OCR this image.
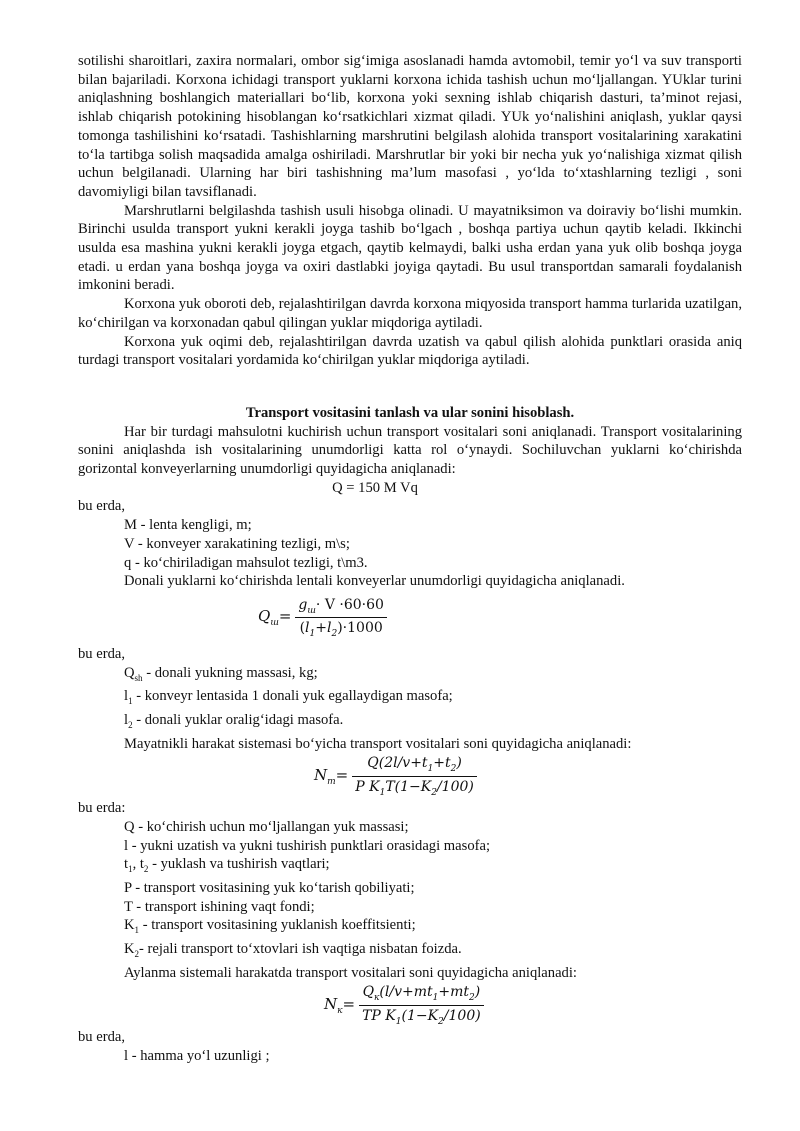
sotilishi sharoitlari, zaxira normalari, ombor sig‘imiga asoslanadi hamda avtomobil, temir yo‘l va suv transporti bilan bajariladi. Korxona ichidagi transport yuklarni korxona ichida tashish uchun mo‘ljallangan. YUklar turini aniqlashning boshlangich materiallari bo‘lib, korxona yoki sexning ishlab chiqarish dasturi, ta’minot rejasi, ishlab chiqarish potokining hisoblangan ko‘rsatkichlari xizmat qiladi. YUk yo‘nalishini aniqlash, yuklar qaysi tomonga tashilishini ko‘rsatadi. Tashishlarning marshrutini belgilash alohida transport vositalarining xarakatini to‘la tartibga solish maqsadida amalga oshiriladi. Marshrutlar bir yoki bir necha yuk yo‘nalishiga xizmat qilish uchun belgilanadi. Ularning har biri tashishning ma’lum masofasi , yo‘lda to‘xtashlarning tezligi , soni davomiyligi bilan tavsiflanadi.

Marshrutlarni belgilashda tashish usuli hisobga olinadi. U mayatniksimon va doiraviy bo‘lishi mumkin. Birinchi usulda transport yukni kerakli joyga tashib bo‘lgach , boshqa partiya uchun qaytib keladi. Ikkinchi usulda esa mashina yukni kerakli joyga etgach, qaytib kelmaydi, balki usha erdan yana yuk olib boshqa joyga etadi. u erdan yana boshqa joyga va oxiri dastlabki joyiga qaytadi. Bu usul transportdan samarali foydalanish imkonini beradi.

Korxona yuk oboroti deb, rejalashtirilgan davrda korxona miqyosida transport hamma turlarida uzatilgan, ko‘chirilgan va korxonadan qabul qilingan yuklar miqdoriga aytiladi.

Korxona yuk oqimi deb, rejalashtirilgan davrda uzatish va qabul qilish alohida punktlari orasida aniq turdagi transport vositalari yordamida ko‘chirilgan yuklar miqdoriga aytiladi.

Transport vositasini tanlash va ular sonini hisoblash.

Har bir turdagi mahsulotni kuchirish uchun transport vositalari soni aniqlanadi. Transport vositalarining sonini aniqlashda ish vositalarining unumdorligi katta rol o‘ynaydi. Sochiluvchan yuklarni ko‘chirishda gorizontal konveyerlarning unumdorligi quyidagicha aniqlanadi:

Q = 150 M Vq

bu erda,

M - lenta kengligi, m;

V - konveyer xarakatining tezligi, m\s;

q - ko‘chiriladigan mahsulot tezligi, t\m3.

Donali yuklarni ko‘chirishda lentali konveyerlar unumdorligi quyidagicha aniqlanadi.

$Q_ш= \frac{g_ш\cdot V \cdot 60\cdot 60}{(l_1+l_2)\cdot 1000}$

bu erda,

$Q_{sh}$ - donali yukning massasi, kg;

$l_1$ - konveyr lentasida 1 donali yuk egallaydigan masofa;

$l_2$ - donali yuklar oralig‘idagi masofa.

Mayatnikli harakat sistemasi bo‘yicha transport vositalari soni quyidagicha aniqlanadi:

$N_m= \frac{Q(2l/v+t_1+t_2)}{P K_1T(1-K_2/100)}$

bu erda:

Q - ko‘chirish uchun mo‘ljallangan yuk massasi;

l - yukni uzatish va yukni tushirish punktlari orasidagi masofa;

$t_1$, $t_2$ - yuklash va tushirish vaqtlari;

P - transport vositasining yuk ko‘tarish qobiliyati;

T - transport ishining vaqt fondi;

$K_1$ - transport vositasining yuklanish koeffitsienti;

$K_2-$ rejali transport to‘xtovlari ish vaqtiga nisbatan foizda.

Aylanma sistemali harakatda transport vositalari soni quyidagicha aniqlanadi:

$N_к= \frac{Q_к(l/v+mt_1+mt_2)}{TP K_1(1-K_2/100)}$

bu erda,

l - hamma yo‘l uzunligi ;
